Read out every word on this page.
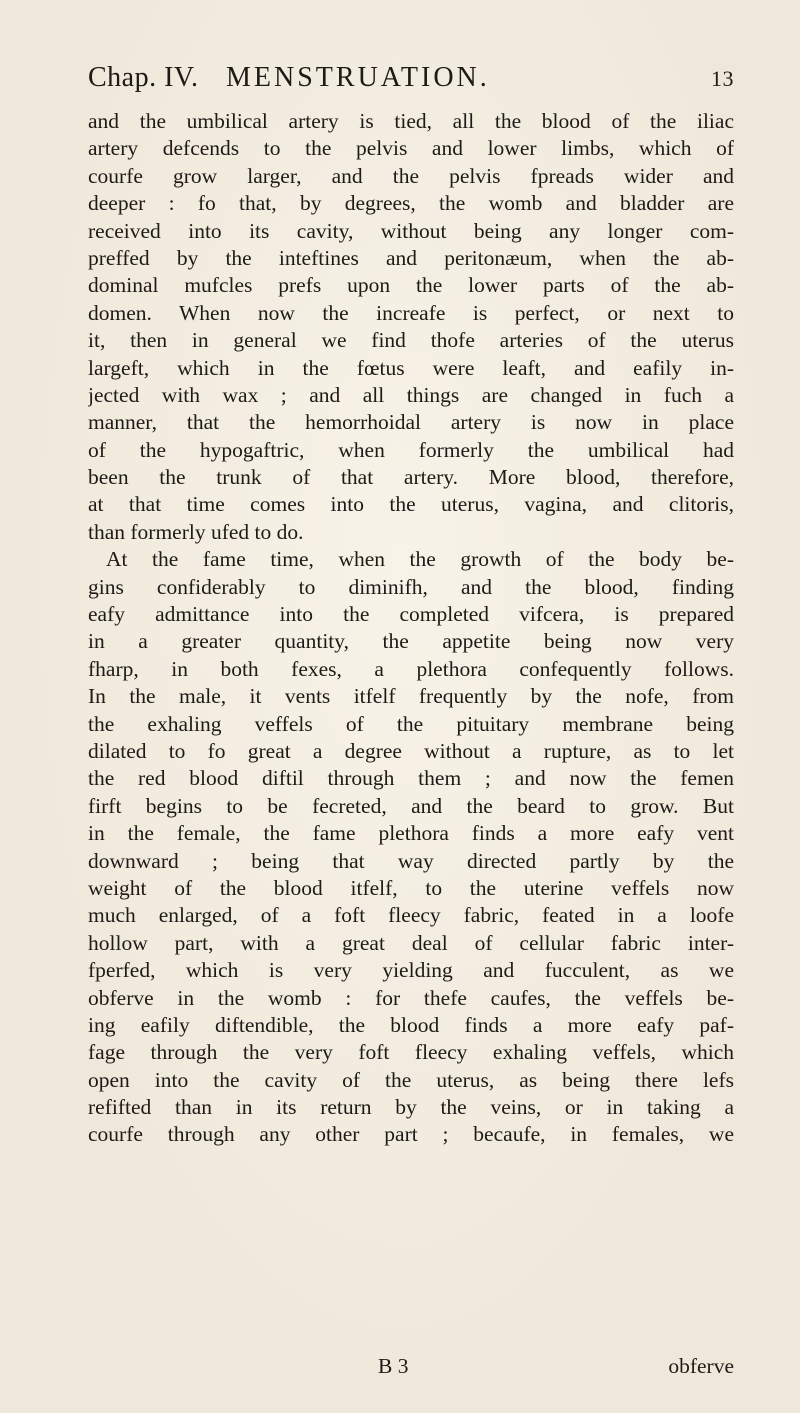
Chap. IV. MENSTRUATION.	13
and the umbilical artery is tied, all the blood of the iliac
artery defcends to the pelvis and lower limbs, which of
courfe grow larger, and the pelvis fpreads wider and
deeper : fo that, by degrees, the womb and bladder are
received into its cavity, without being any longer com-
preffed by the inteftines and peritonæum, when the ab-
dominal mufcles prefs upon the lower parts of the ab-
domen. When now the increafe is perfect, or next to
it, then in general we find thofe arteries of the uterus
largeft, which in the fœtus were leaft, and eafily in-
jected with wax ; and all things are changed in fuch a
manner, that the hemorrhoidal artery is now in place
of the hypogaftric, when formerly the umbilical had
been the trunk of that artery. More blood, therefore,
at that time comes into the uterus, vagina, and clitoris,
than formerly ufed to do.
At the fame time, when the growth of the body be-
gins confiderably to diminifh, and the blood, finding
eafy admittance into the completed vifcera, is prepared
in a greater quantity, the appetite being now very
fharp, in both fexes, a plethora confequently follows.
In the male, it vents itfelf frequently by the nofe, from
the exhaling veffels of the pituitary membrane being
dilated to fo great a degree without a rupture, as to let
the red blood diftil through them ; and now the femen
firft begins to be fecreted, and the beard to grow. But
in the female, the fame plethora finds a more eafy vent
downward ; being that way directed partly by the
weight of the blood itfelf, to the uterine veffels now
much enlarged, of a foft fleecy fabric, feated in a loofe
hollow part, with a great deal of cellular fabric inter-
fperfed, which is very yielding and fucculent, as we
obferve in the womb : for thefe caufes, the veffels be-
ing eafily diftendible, the blood finds a more eafy paf-
fage through the very foft fleecy exhaling veffels, which
open into the cavity of the uterus, as being there lefs
refifted than in its return by the veins, or in taking a
courfe through any other part ; becaufe, in females, we
B 3	obferve
